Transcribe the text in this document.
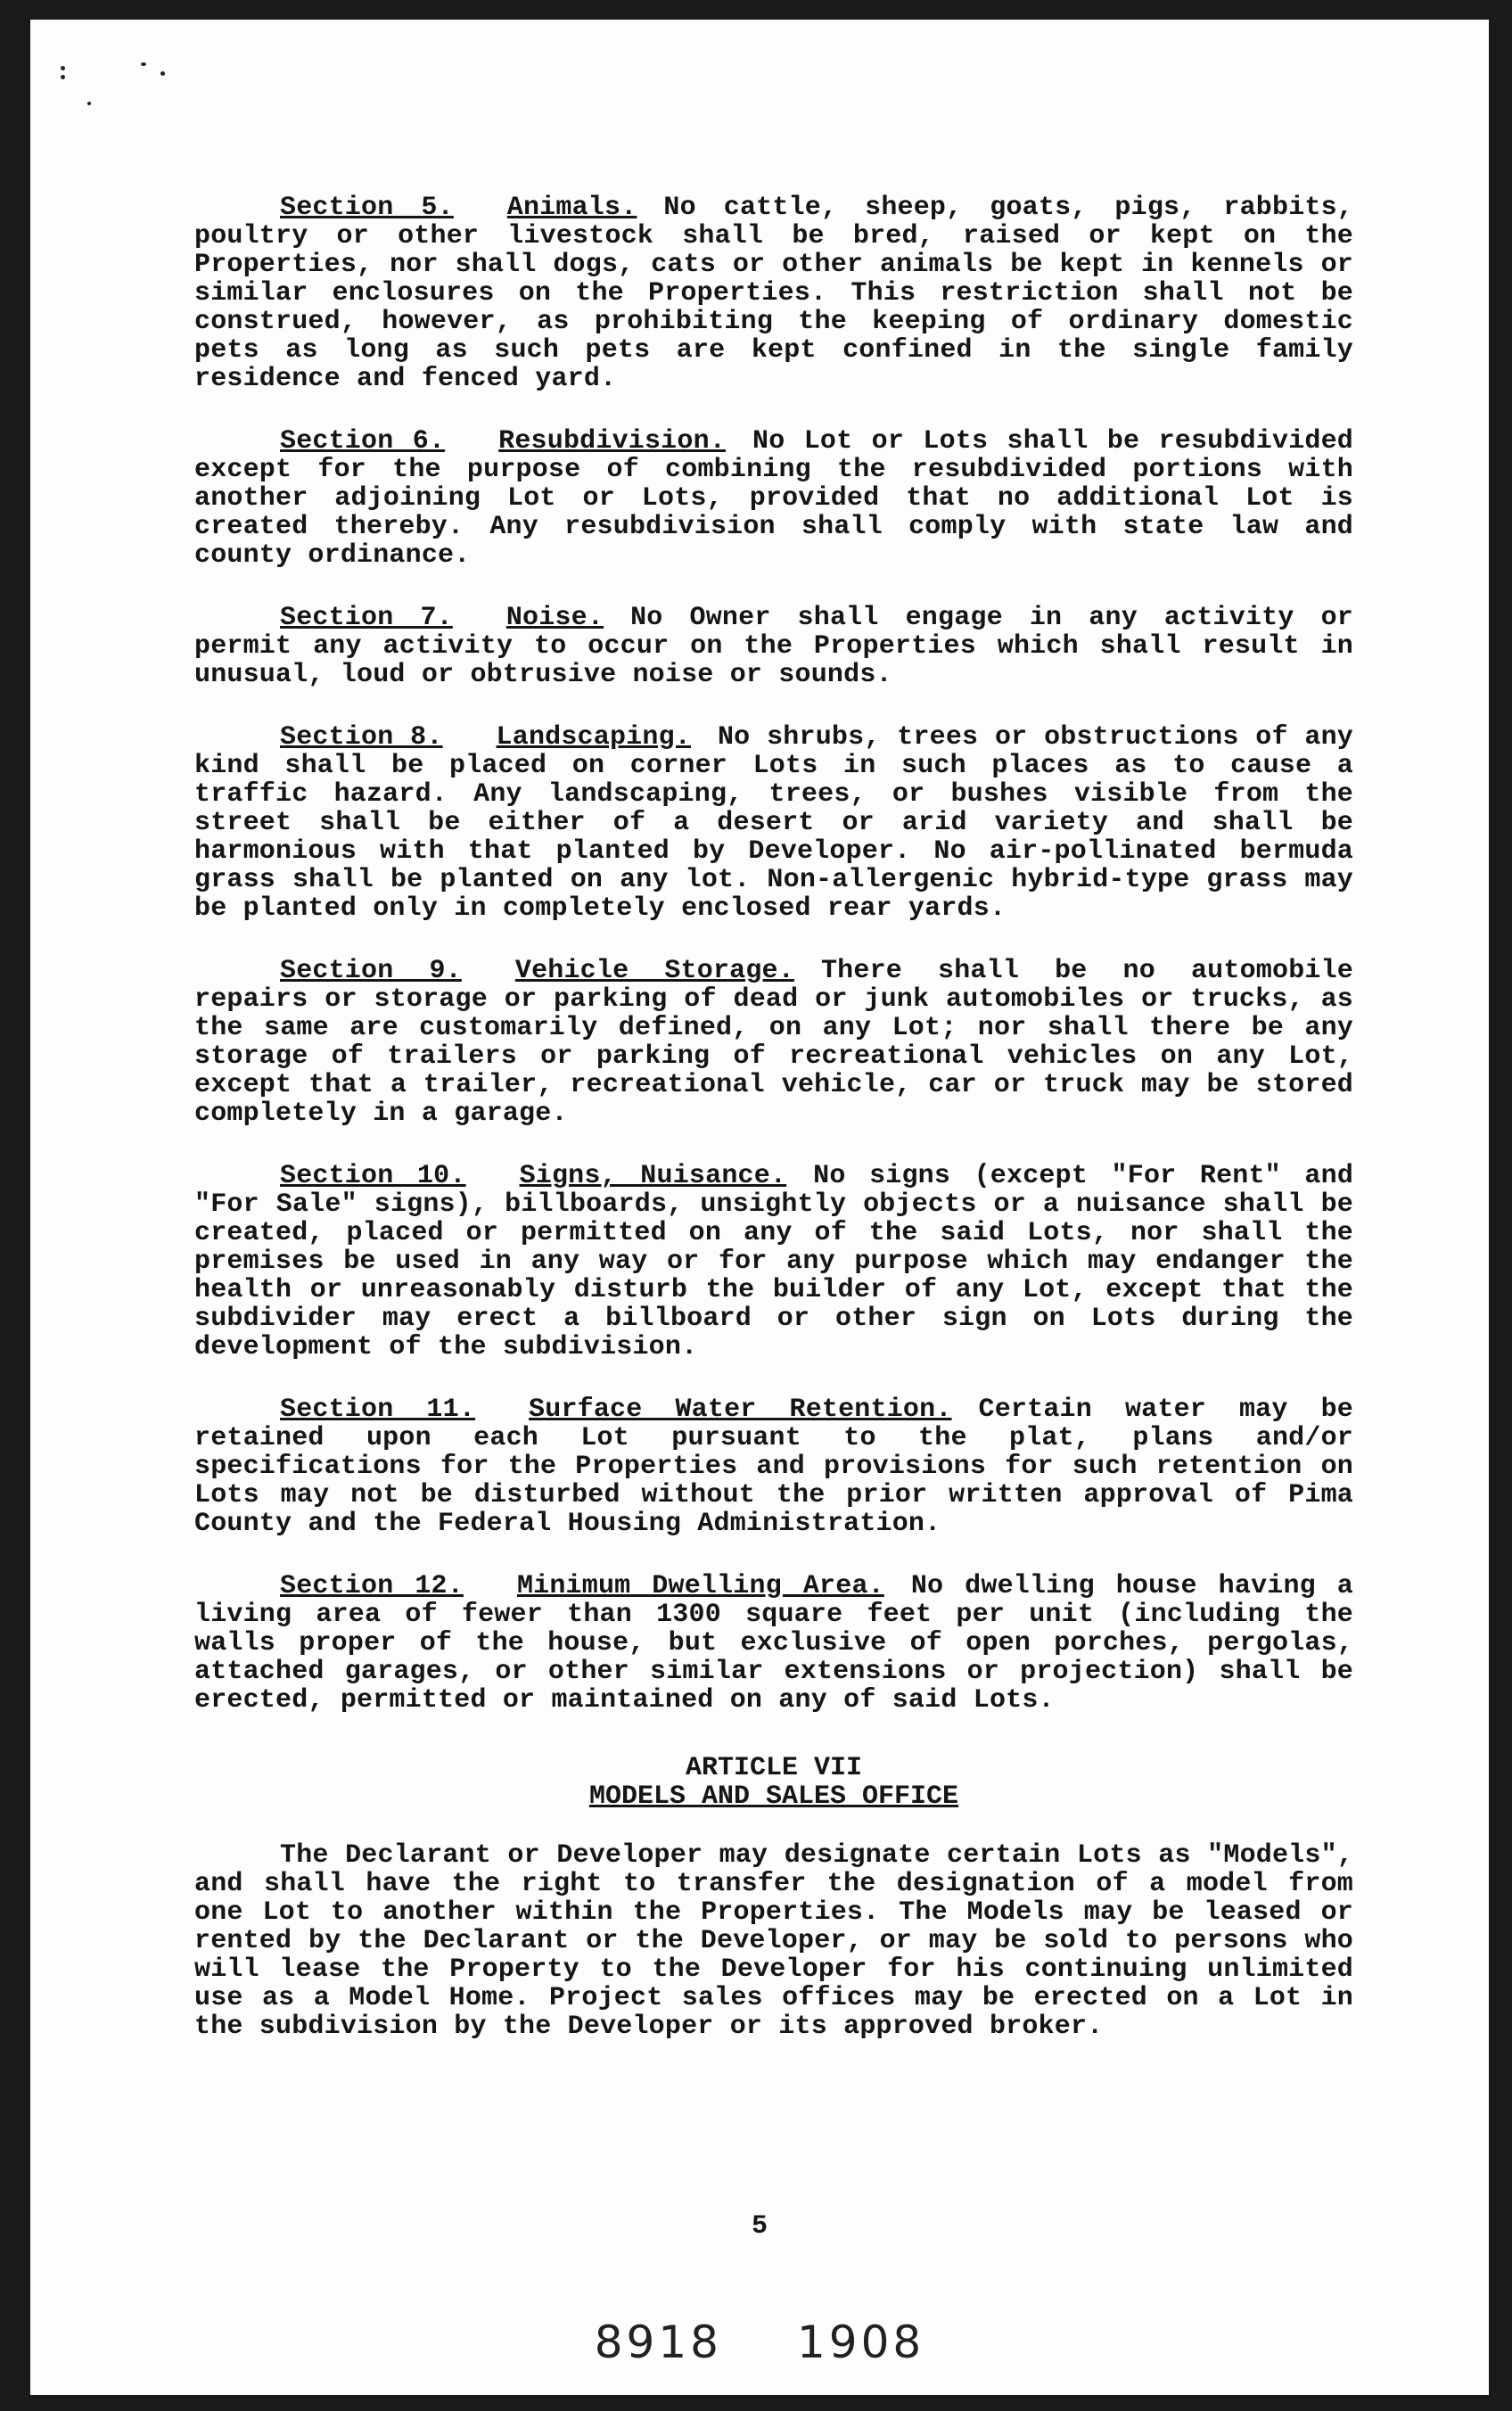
Section 5. Animals. No cattle, sheep, goats, pigs, rabbits, poultry or other livestock shall be bred, raised or kept on the Properties, nor shall dogs, cats or other animals be kept in kennels or similar enclosures on the Properties. This restriction shall not be construed, however, as prohibiting the keeping of ordinary domestic pets as long as such pets are kept confined in the single family residence and fenced yard.

Section 6. Resubdivision. No Lot or Lots shall be resubdivided except for the purpose of combining the resubdivided portions with another adjoining Lot or Lots, provided that no additional Lot is created thereby. Any resubdivision shall comply with state law and county ordinance.

Section 7. Noise. No Owner shall engage in any activity or permit any activity to occur on the Properties which shall result in unusual, loud or obtrusive noise or sounds.

Section 8. Landscaping. No shrubs, trees or obstructions of any kind shall be placed on corner Lots in such places as to cause a traffic hazard. Any landscaping, trees, or bushes visible from the street shall be either of a desert or arid variety and shall be harmonious with that planted by Developer. No air-pollinated bermuda grass shall be planted on any lot. Non-allergenic hybrid-type grass may be planted only in completely enclosed rear yards.

Section 9. Vehicle Storage. There shall be no automobile repairs or storage or parking of dead or junk automobiles or trucks, as the same are customarily defined, on any Lot; nor shall there be any storage of trailers or parking of recreational vehicles on any Lot, except that a trailer, recreational vehicle, car or truck may be stored completely in a garage.

Section 10. Signs, Nuisance. No signs (except "For Rent" and "For Sale" signs), billboards, unsightly objects or a nuisance shall be created, placed or permitted on any of the said Lots, nor shall the premises be used in any way or for any purpose which may endanger the health or unreasonably disturb the builder of any Lot, except that the subdivider may erect a billboard or other sign on Lots during the development of the subdivision.

Section 11. Surface Water Retention. Certain water may be retained upon each Lot pursuant to the plat, plans and/or specifications for the Properties and provisions for such retention on Lots may not be disturbed without the prior written approval of Pima County and the Federal Housing Administration.

Section 12. Minimum Dwelling Area. No dwelling house having a living area of fewer than 1300 square feet per unit (including the walls proper of the house, but exclusive of open porches, pergolas, attached garages, or other similar extensions or projection) shall be erected, permitted or maintained on any of said Lots.

ARTICLE VII
MODELS AND SALES OFFICE

The Declarant or Developer may designate certain Lots as "Models", and shall have the right to transfer the designation of a model from one Lot to another within the Properties. The Models may be leased or rented by the Declarant or the Developer, or may be sold to persons who will lease the Property to the Developer for his continuing unlimited use as a Model Home. Project sales offices may be erected on a Lot in the subdivision by the Developer or its approved broker.

5
8918 1908
